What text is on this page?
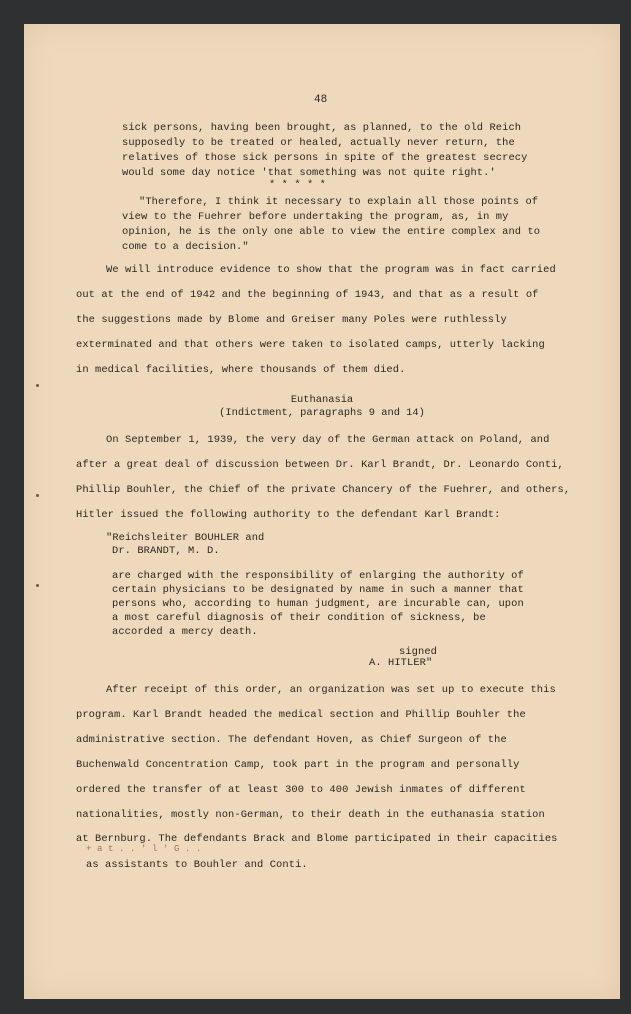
48
sick persons, having been brought, as planned, to the old Reich
supposedly to be treated or healed, actually never return, the
relatives of those sick persons in spite of the greatest secrecy
would some day notice 'that something was not quite right.'
* * * * *
"Therefore, I think it necessary to explain all those points of
view to the Fuehrer before undertaking the program, as, in my
opinion, he is the only one able to view the entire complex and to
come to a decision."
We will introduce evidence to show that the program was in fact carried
out at the end of 1942 and the beginning of 1943, and that as a result of
the suggestions made by Blome and Greiser many Poles were ruthlessly
exterminated and that others were taken to isolated camps, utterly lacking
in medical facilities, where thousands of them died.
Euthanasia
(Indictment, paragraphs 9 and 14)
On September 1, 1939, the very day of the German attack on Poland, and
after a great deal of discussion between Dr. Karl Brandt, Dr. Leonardo Conti,
Phillip Bouhler, the Chief of the private Chancery of the Fuehrer, and others,
Hitler issued the following authority to the defendant Karl Brandt:
"Reichsleiter BOUHLER and
Dr. BRANDT, M. D.
are charged with the responsibility of enlarging the authority of
certain physicians to be designated by name in such a manner that
persons who, according to human judgment, are incurable can, upon
a most careful diagnosis of their condition of sickness, be
accorded a mercy death.
signed
A. HITLER"
After receipt of this order, an organization was set up to execute this
program. Karl Brandt headed the medical section and Phillip Bouhler the
administrative section. The defendant Hoven, as Chief Surgeon of the
Buchenwald Concentration Camp, took part in the program and personally
ordered the transfer of at least 300 to 400 Jewish inmates of different
nationalities, mostly non-German, to their death in the euthanasia station
at Bernburg. The defendants Brack and Blome participated in their capacities
+ a t . . ' l ' G . .
as assistants to Bouhler and Conti.
